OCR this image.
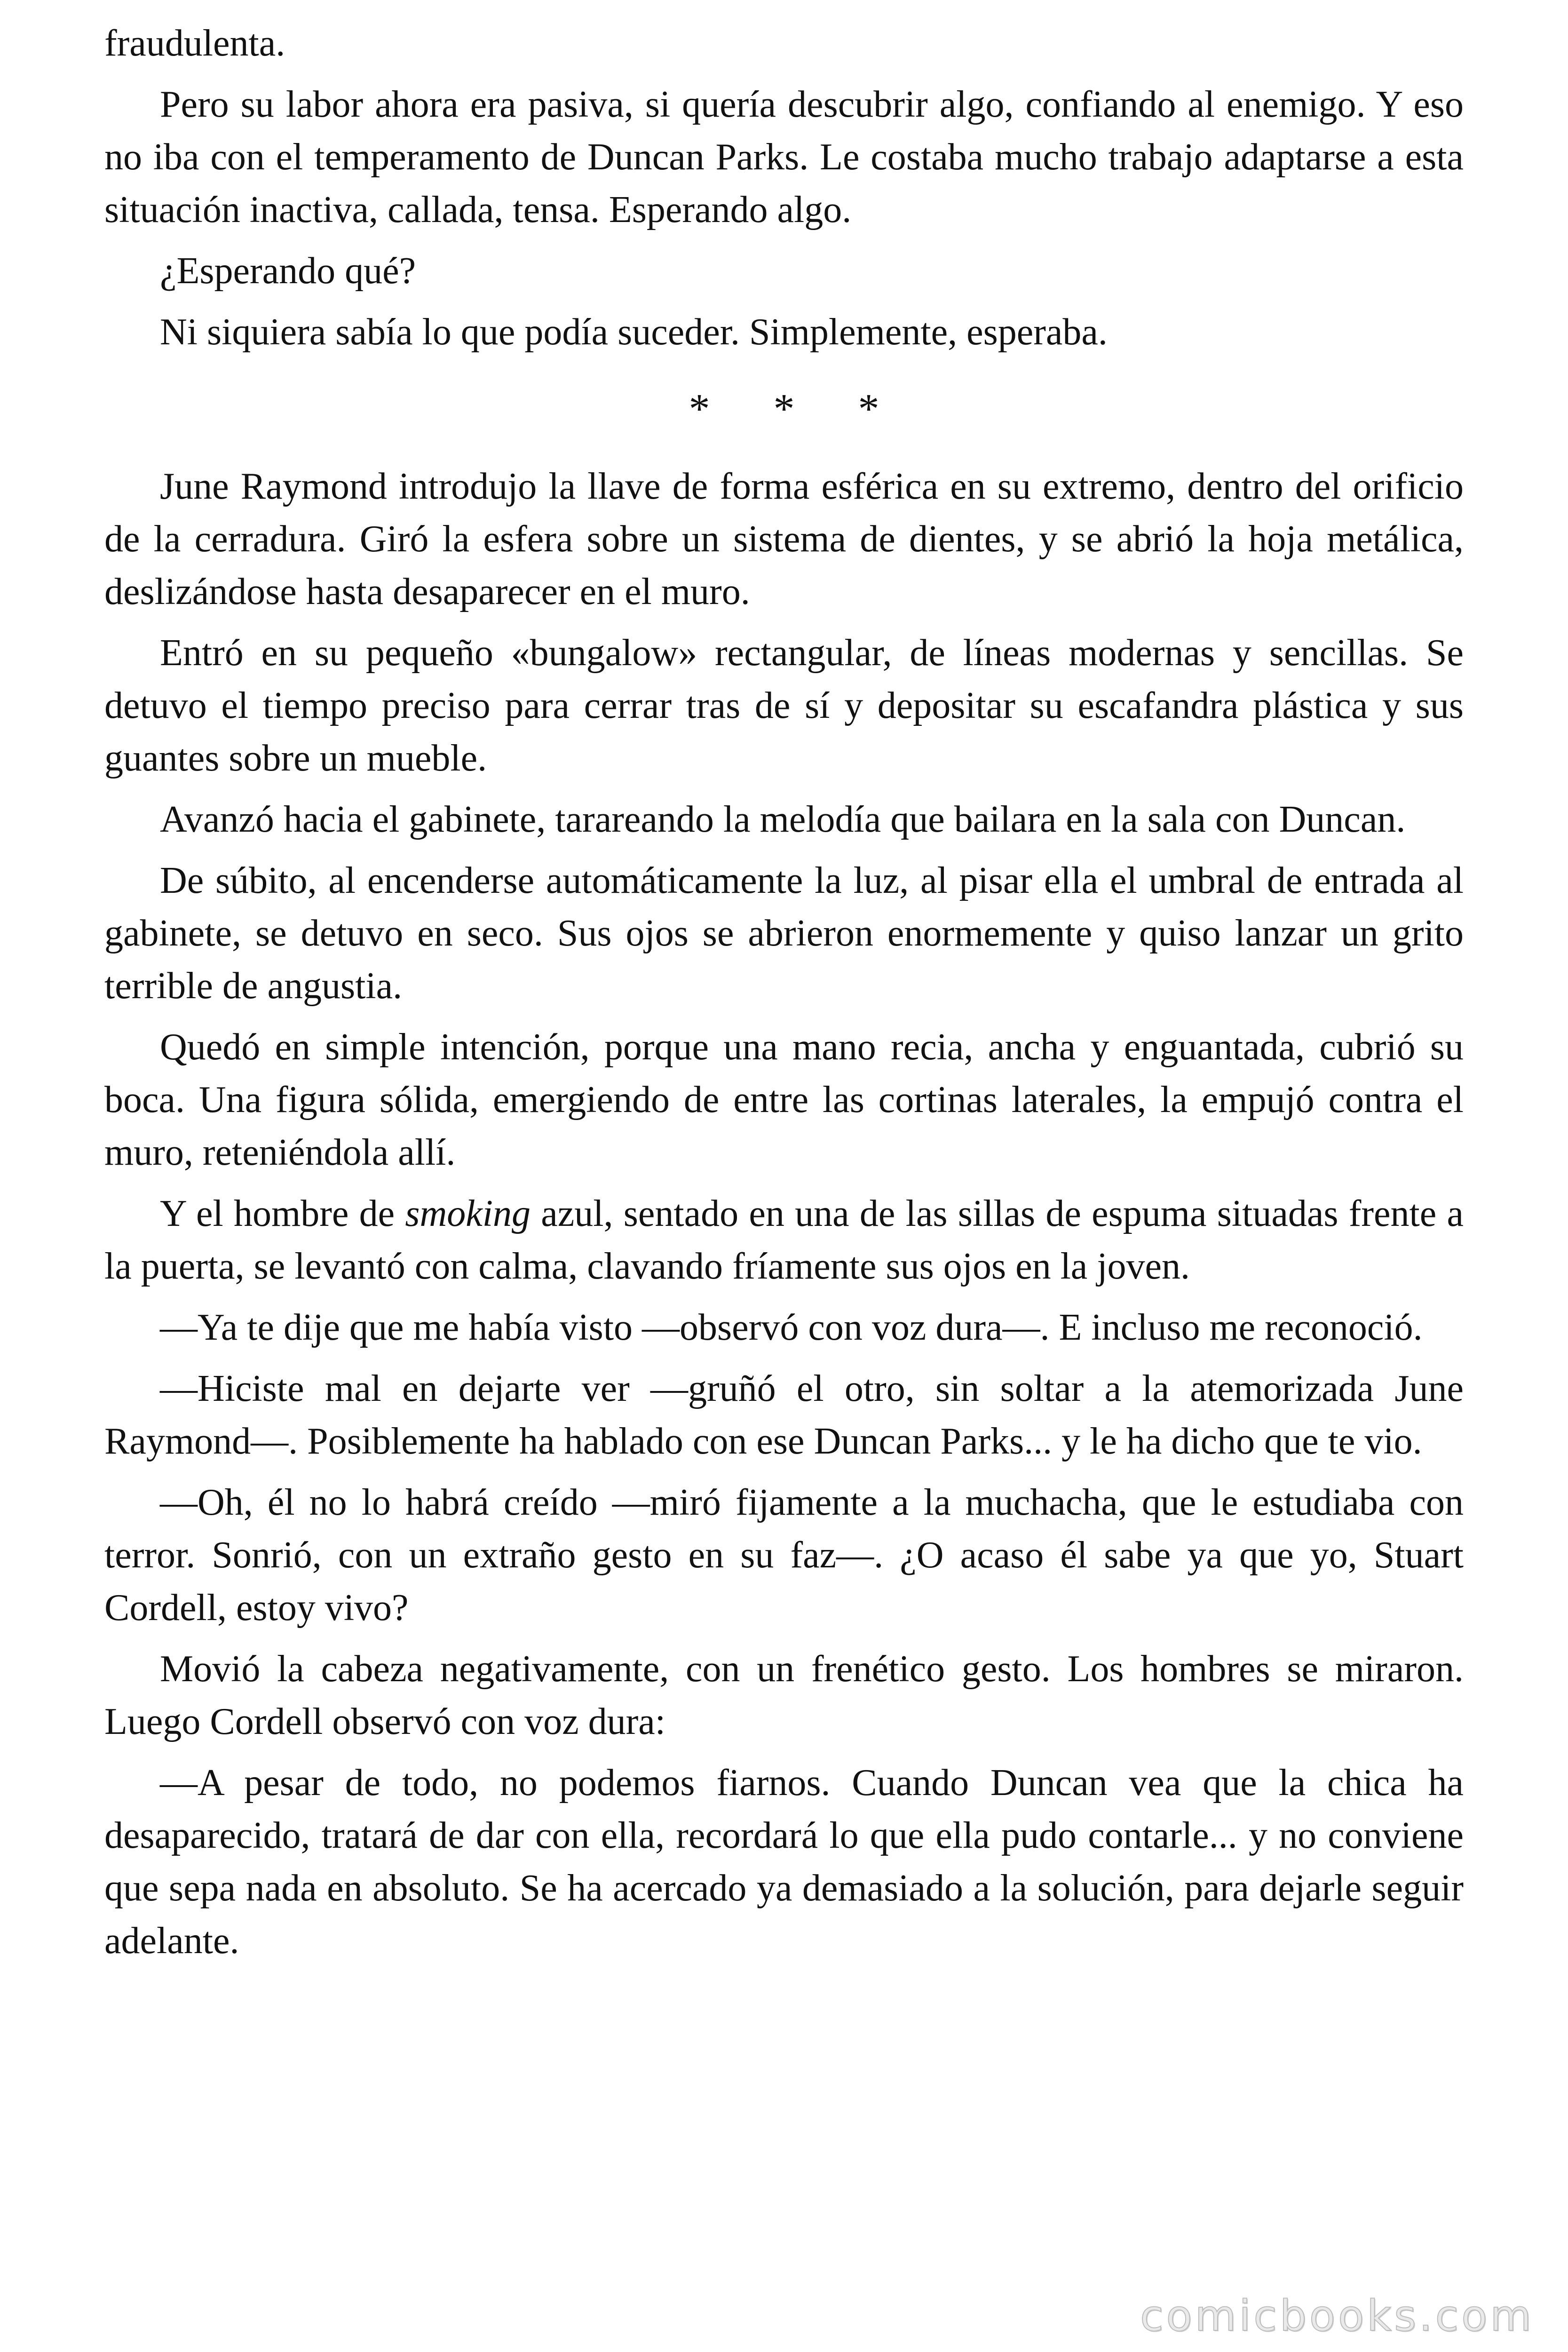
fraudulenta.

Pero su labor ahora era pasiva, si quería descubrir algo, confiando al enemigo. Y eso no iba con el temperamento de Duncan Parks. Le costaba mucho trabajo adaptarse a esta situación inactiva, callada, tensa. Esperando algo.

¿Esperando qué?

Ni siquiera sabía lo que podía suceder. Simplemente, esperaba.

* * *

June Raymond introdujo la llave de forma esférica en su extremo, dentro del orificio de la cerradura. Giró la esfera sobre un sistema de dientes, y se abrió la hoja metálica, deslizándose hasta desaparecer en el muro.

Entró en su pequeño «bungalow» rectangular, de líneas modernas y sencillas. Se detuvo el tiempo preciso para cerrar tras de sí y depositar su escafandra plástica y sus guantes sobre un mueble.

Avanzó hacia el gabinete, tarareando la melodía que bailara en la sala con Duncan.

De súbito, al encenderse automáticamente la luz, al pisar ella el umbral de entrada al gabinete, se detuvo en seco. Sus ojos se abrieron enormemente y quiso lanzar un grito terrible de angustia.

Quedó en simple intención, porque una mano recia, ancha y enguantada, cubrió su boca. Una figura sólida, emergiendo de entre las cortinas laterales, la empujó contra el muro, reteniéndola allí.

Y el hombre de smoking azul, sentado en una de las sillas de espuma situadas frente a la puerta, se levantó con calma, clavando fríamente sus ojos en la joven.

—Ya te dije que me había visto —observó con voz dura—. E incluso me reconoció.

—Hiciste mal en dejarte ver —gruñó el otro, sin soltar a la atemorizada June Raymond—. Posiblemente ha hablado con ese Duncan Parks... y le ha dicho que te vio.

—Oh, él no lo habrá creído —miró fijamente a la muchacha, que le estudiaba con terror. Sonrió, con un extraño gesto en su faz—. ¿O acaso él sabe ya que yo, Stuart Cordell, estoy vivo?

Movió la cabeza negativamente, con un frenético gesto. Los hombres se miraron. Luego Cordell observó con voz dura:

—A pesar de todo, no podemos fiarnos. Cuando Duncan vea que la chica ha desaparecido, tratará de dar con ella, recordará lo que ella pudo contarle... y no conviene que sepa nada en absoluto. Se ha acercado ya demasiado a la solución, para dejarle seguir adelante.

comicbooks.com
